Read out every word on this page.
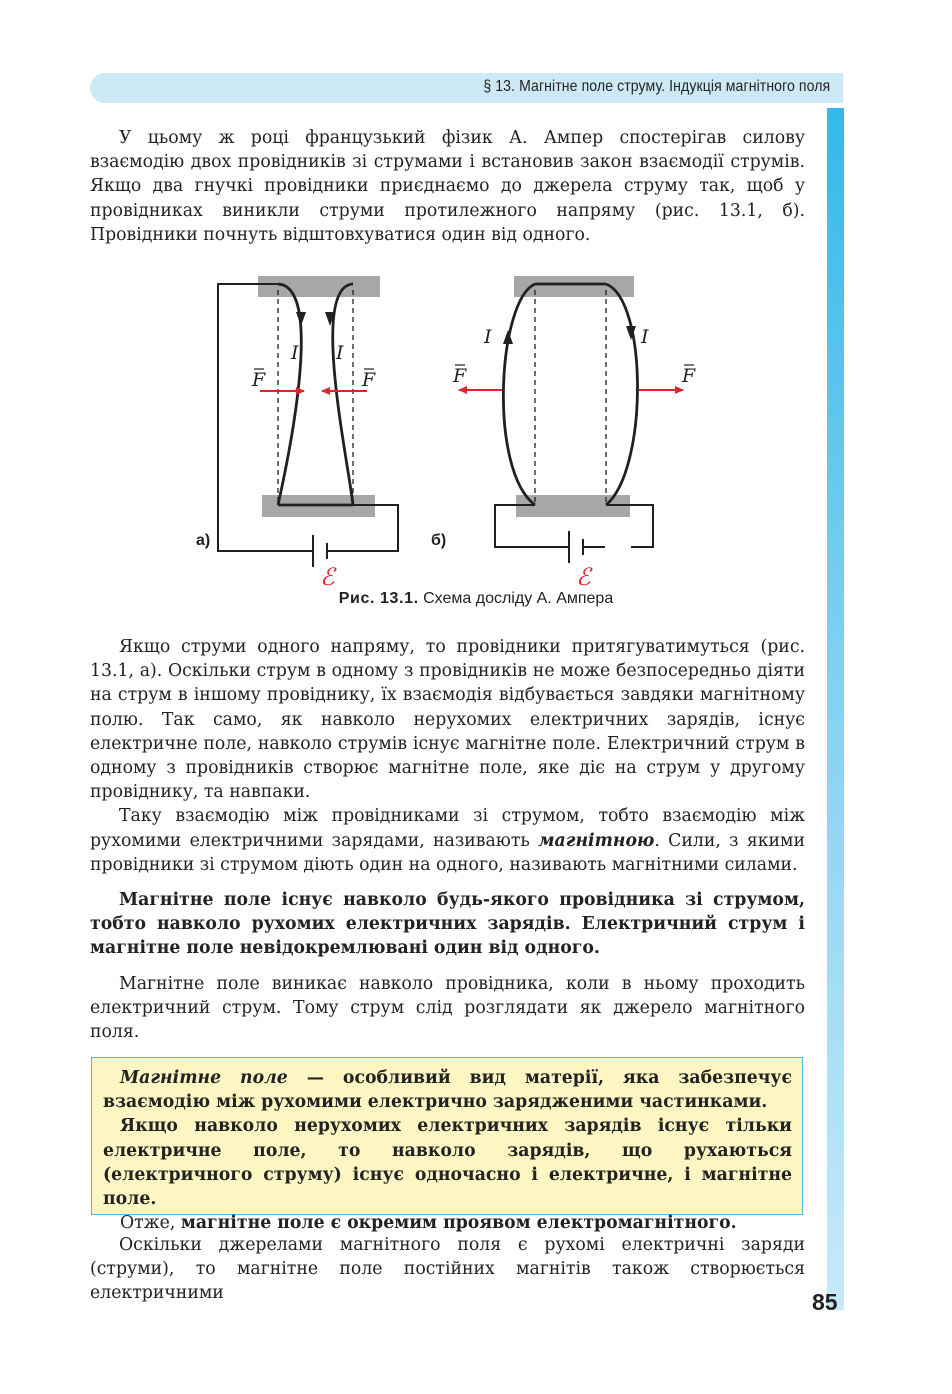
§ 13. Магнітне поле струму. Індукція магнітного поля

У цьому ж році французький фізик А. Ампер спостерігав силову взаємодію двох провідників зі струмами і встановив закон взаємодії струмів. Якщо два гнучкі провідники приєднаємо до джерела струму так, щоб у провідниках виникли струми протилежного напряму (рис. 13.1, б). Провідники почнуть відштовхуватися один від одного.

I I
F	F
ℰ
а)
I	I
F	F
ℰ
б)
Рис. 13.1. Схема досліду А. Ампера

Якщо струми одного напряму, то провідники притягуватимуться (рис. 13.1, а). Оскільки струм в одному з провідників не може безпосередньо діяти на струм в іншому провіднику, їх взаємодія відбувається завдяки магнітному полю. Так само, як навколо нерухомих електричних зарядів, існує електричне поле, навколо струмів існує магнітне поле. Електричний струм в одному з провідників створює магнітне поле, яке діє на струм у другому провіднику, та навпаки.

Таку взаємодію між провідниками зі струмом, тобто взаємодію між рухомими електричними зарядами, називають магнітною. Сили, з якими провідники зі струмом діють один на одного, називають магнітними силами.

Магнітне поле існує навколо будь-якого провідника зі струмом, тобто навколо рухомих електричних зарядів. Електричний струм і магнітне поле невідокремлювані один від одного.

Магнітне поле виникає навколо провідника, коли в ньому проходить електричний струм. Тому струм слід розглядати як джерело магнітного поля.

Магнітне поле — особливий вид матерії, яка забезпечує взаємодію між рухомими електрично зарядженими частинками.

Якщо навколо нерухомих електричних зарядів існує тільки електричне поле, то навколо зарядів, що рухаються (електричного струму) існує одночасно і електричне, і магнітне поле.

Отже, магнітне поле є окремим проявом електромагнітного.

Оскільки джерелами магнітного поля є рухомі електричні заряди (струми), то магнітне поле постійних магнітів також створюється електричними	85
